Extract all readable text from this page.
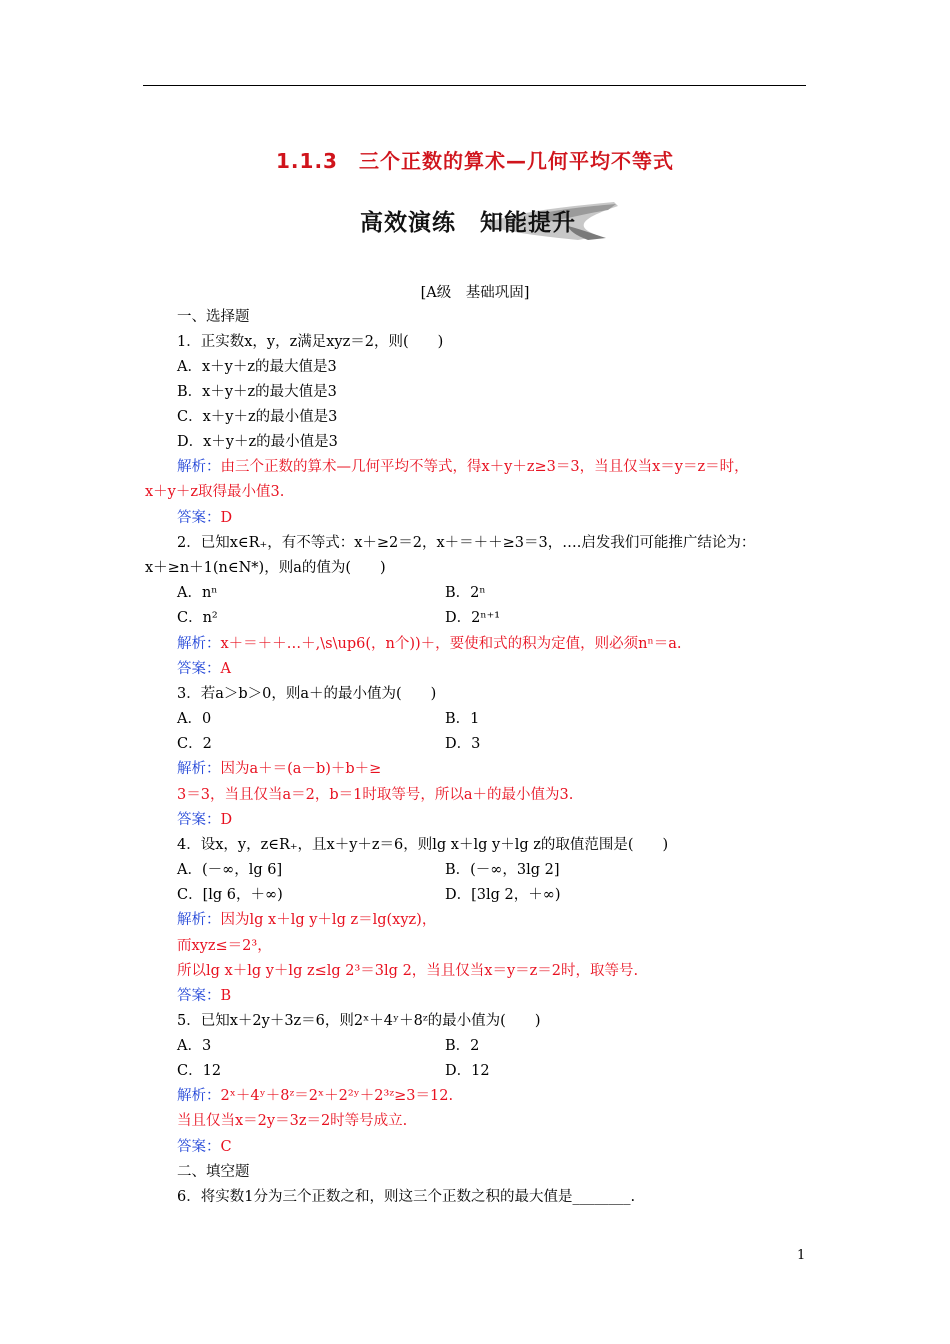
1.1.3　三个正数的算术—几何平均不等式
高效演练　知能提升
[A级　基础巩固]
一、选择题
1．正实数x，y，z满足xyz＝2，则(　　)
A．x＋y＋z的最大值是3
B．x＋y＋z的最大值是3
C．x＋y＋z的最小值是3
D．x＋y＋z的最小值是3
解析：由三个正数的算术—几何平均不等式，得x＋y＋z≥3＝3，当且仅当x＝y＝z＝时，
x＋y＋z取得最小值3.
答案：D
2．已知x∈R₊，有不等式：x＋≥2＝2，x＋＝＋＋≥3＝3，….启发我们可能推广结论为：
x＋≥n＋1(n∈N*)，则a的值为(　　)
A．nⁿ	B．2ⁿ
C．n²	D．2ⁿ⁺¹
解析：x＋＝＋＋…＋,\s\up6(，n个))＋，要使和式的积为定值，则必须nⁿ＝a.
答案：A
3．若a＞b＞0，则a＋的最小值为(　　)
A．0	B．1
C．2	D．3
解析：因为a＋＝(a－b)＋b＋≥
3＝3，当且仅当a＝2，b＝1时取等号，所以a＋的最小值为3.
答案：D
4．设x，y，z∈R₊，且x＋y＋z＝6，则lg x＋lg y＋lg z的取值范围是(　　)
A．(－∞，lg 6]	B．(－∞，3lg 2]
C．[lg 6，＋∞)	D．[3lg 2，＋∞)
解析：因为lg x＋lg y＋lg z＝lg(xyz)，
而xyz≤＝2³，
所以lg x＋lg y＋lg z≤lg 2³＝3lg 2，当且仅当x＝y＝z＝2时，取等号.
答案：B
5．已知x＋2y＋3z＝6，则2ˣ＋4ʸ＋8ᶻ的最小值为(　　)
A．3	B．2
C．12	D．12
解析：2ˣ＋4ʸ＋8ᶻ＝2ˣ＋2²ʸ＋2³ᶻ≥3＝12.
当且仅当x＝2y＝3z＝2时等号成立.
答案：C
二、填空题
6．将实数1分为三个正数之和，则这三个正数之积的最大值是________.
1
